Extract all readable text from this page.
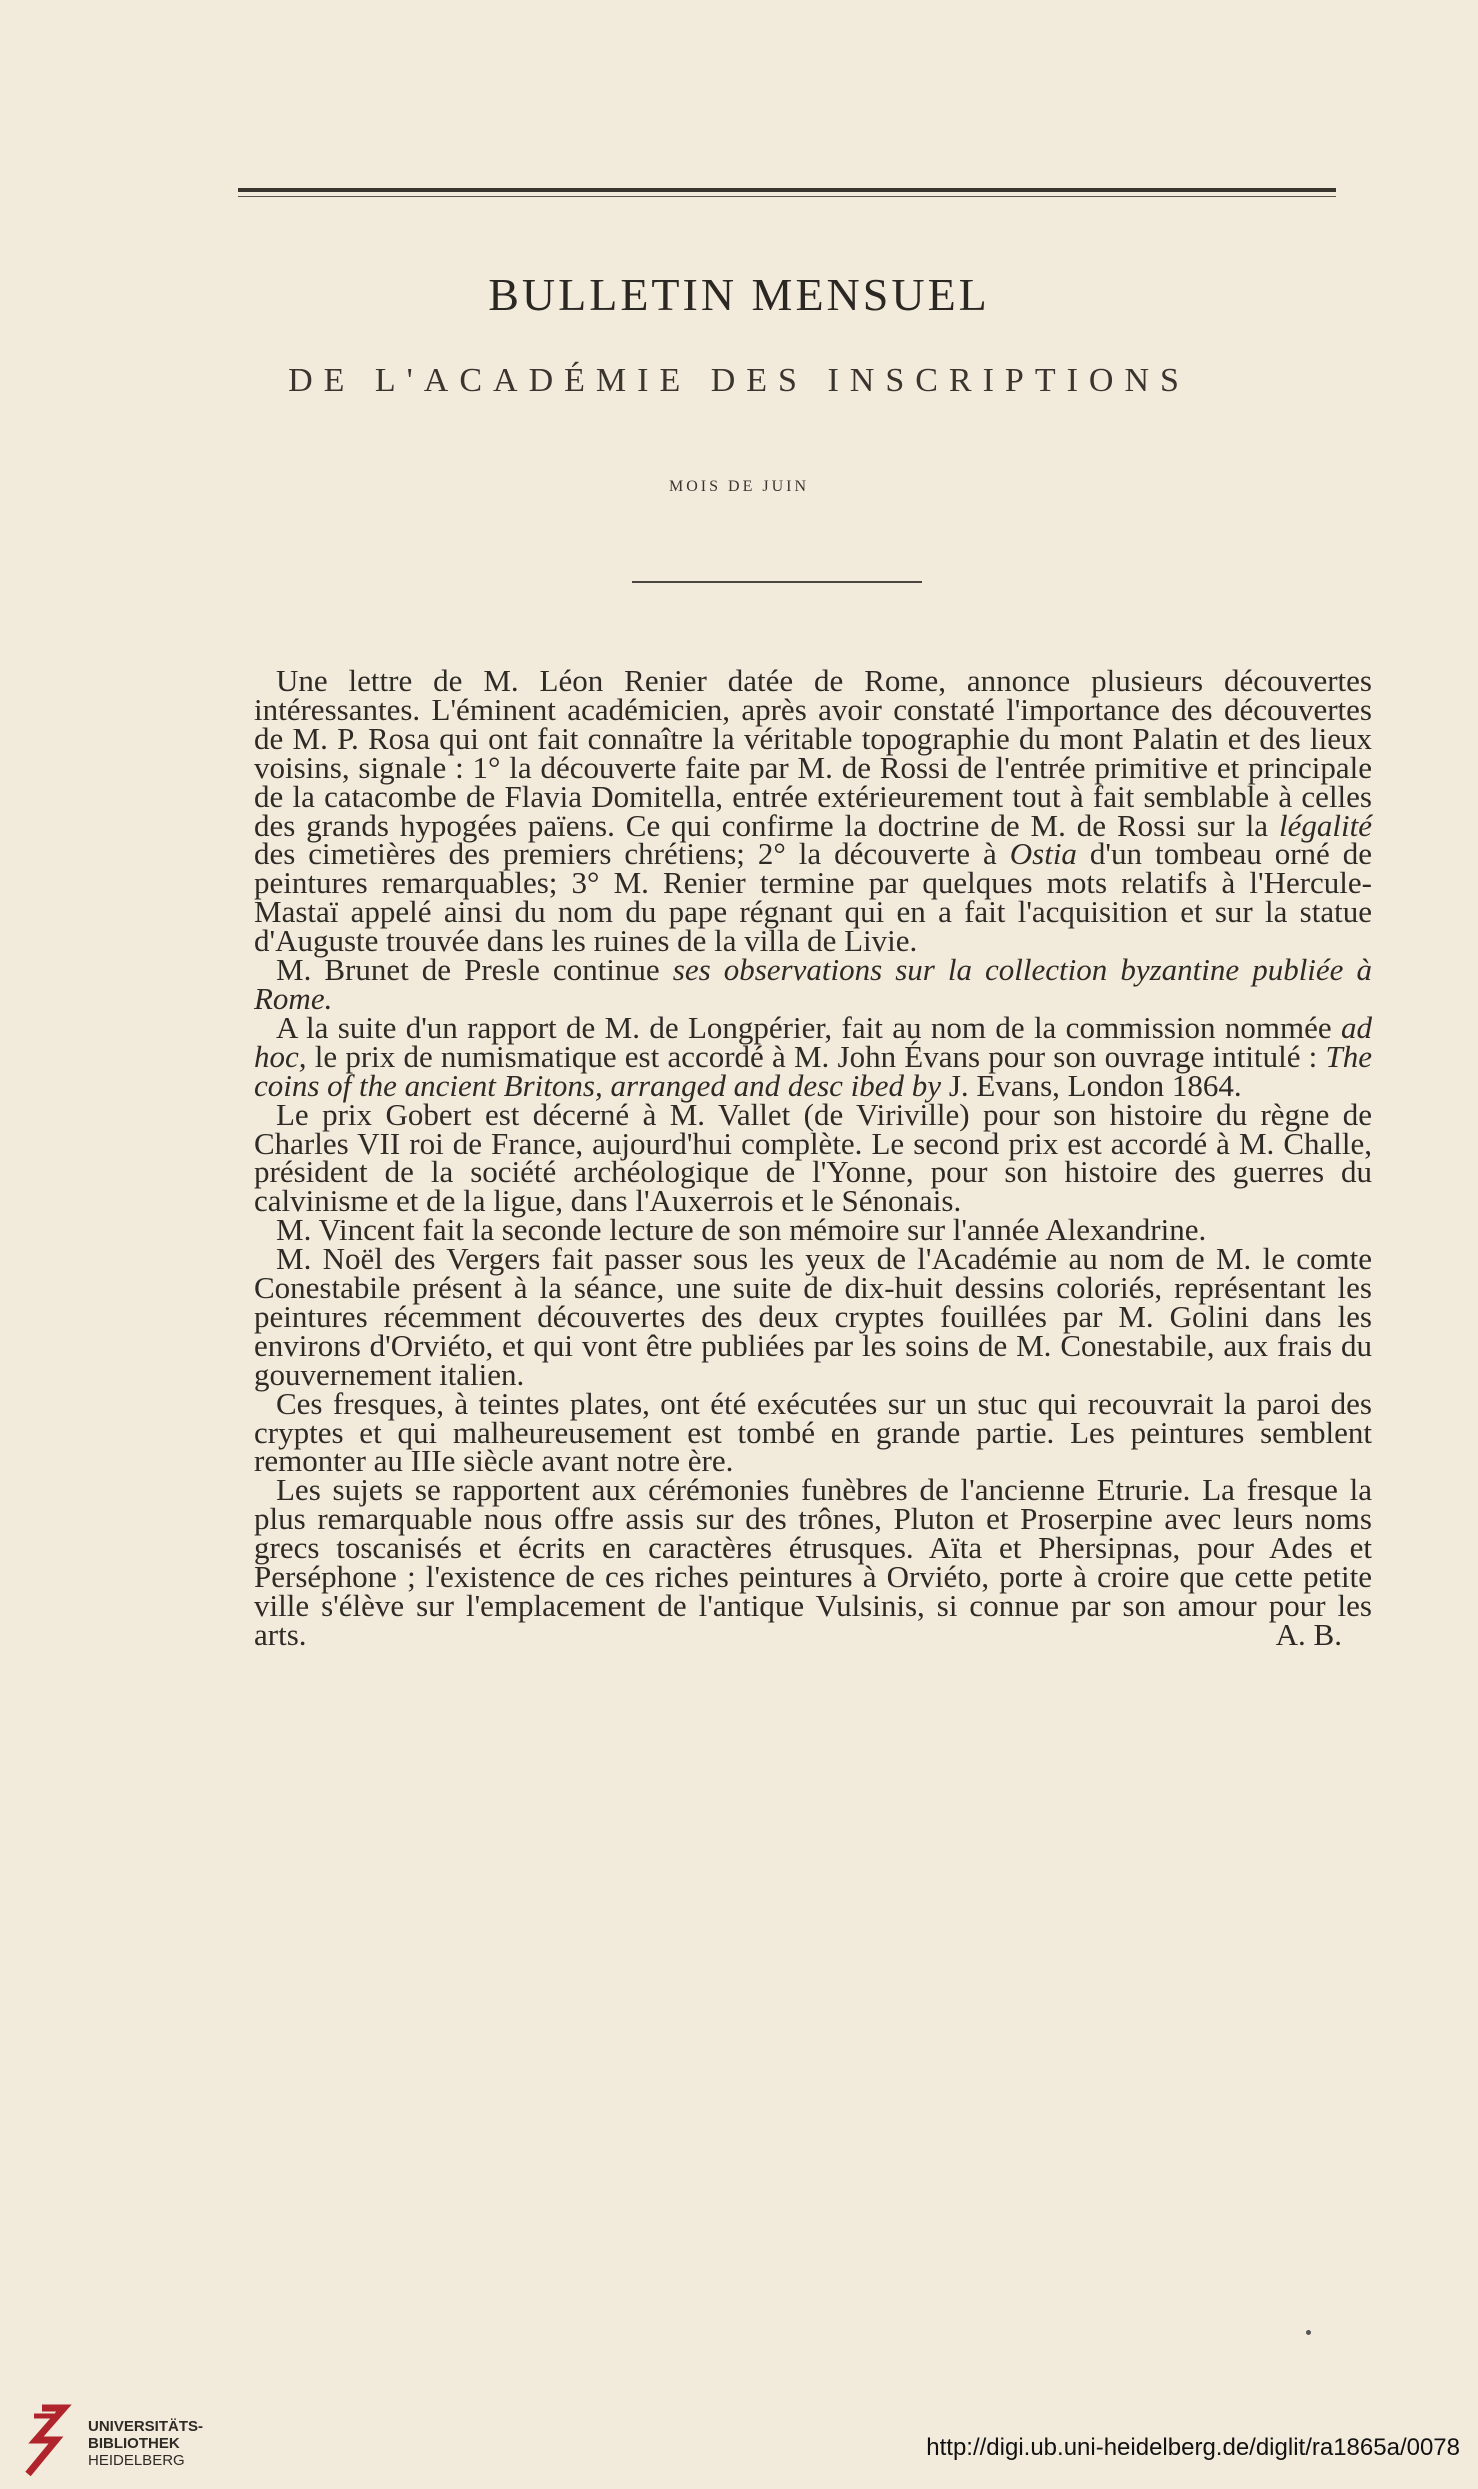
BULLETIN MENSUEL
DE L'ACADÉMIE DES INSCRIPTIONS
MOIS DE JUIN

Une lettre de M. Léon Renier datée de Rome, annonce plusieurs découvertes intéressantes. L'éminent académicien, après avoir constaté l'importance des découvertes de M. P. Rosa qui ont fait connaître la véritable topographie du mont Palatin et des lieux voisins, signale : 1° la découverte faite par M. de Rossi de l'entrée primitive et principale de la catacombe de Flavia Domitella, entrée extérieurement tout à fait semblable à celles des grands hypogées païens. Ce qui confirme la doctrine de M. de Rossi sur la légalité des cimetières des premiers chrétiens; 2° la découverte à Ostia d'un tombeau orné de peintures remarquables; 3° M. Renier termine par quelques mots relatifs à l'Hercule-Mastaï appelé ainsi du nom du pape régnant qui en a fait l'acquisition et sur la statue d'Auguste trouvée dans les ruines de la villa de Livie.

M. Brunet de Presle continue ses observations sur la collection byzantine publiée à Rome.

A la suite d'un rapport de M. de Longpérier, fait au nom de la commission nommée ad hoc, le prix de numismatique est accordé à M. John Évans pour son ouvrage intitulé : The coins of the ancient Britons, arranged and desc ibed by J. Evans, London 1864.

Le prix Gobert est décerné à M. Vallet (de Viriville) pour son histoire du règne de Charles VII roi de France, aujourd'hui complète. Le second prix est accordé à M. Challe, président de la société archéologique de l'Yonne, pour son histoire des guerres du calvinisme et de la ligue, dans l'Auxerrois et le Sénonais.

M. Vincent fait la seconde lecture de son mémoire sur l'année Alexandrine.

M. Noël des Vergers fait passer sous les yeux de l'Académie au nom de M. le comte Conestabile présent à la séance, une suite de dix-huit dessins coloriés, représentant les peintures récemment découvertes des deux cryptes fouillées par M. Golini dans les environs d'Orviéto, et qui vont être publiées par les soins de M. Conestabile, aux frais du gouvernement italien.

Ces fresques, à teintes plates, ont été exécutées sur un stuc qui recouvrait la paroi des cryptes et qui malheureusement est tombé en grande partie. Les peintures semblent remonter au IIIe siècle avant notre ère.

Les sujets se rapportent aux cérémonies funèbres de l'ancienne Etrurie. La fresque la plus remarquable nous offre assis sur des trônes, Pluton et Proserpine avec leurs noms grecs toscanisés et écrits en caractères étrusques. Aïta et Phersipnas, pour Ades et Perséphone ; l'existence de ces riches peintures à Orviéto, porte à croire que cette petite ville s'élève sur l'emplacement de l'antique Vulsinis, si connue par son amour pour les arts.	A. B.

UNIVERSITÄTS-
BIBLIOTHEK
HEIDELBERG	http://digi.ub.uni-heidelberg.de/diglit/ra1865a/0078
